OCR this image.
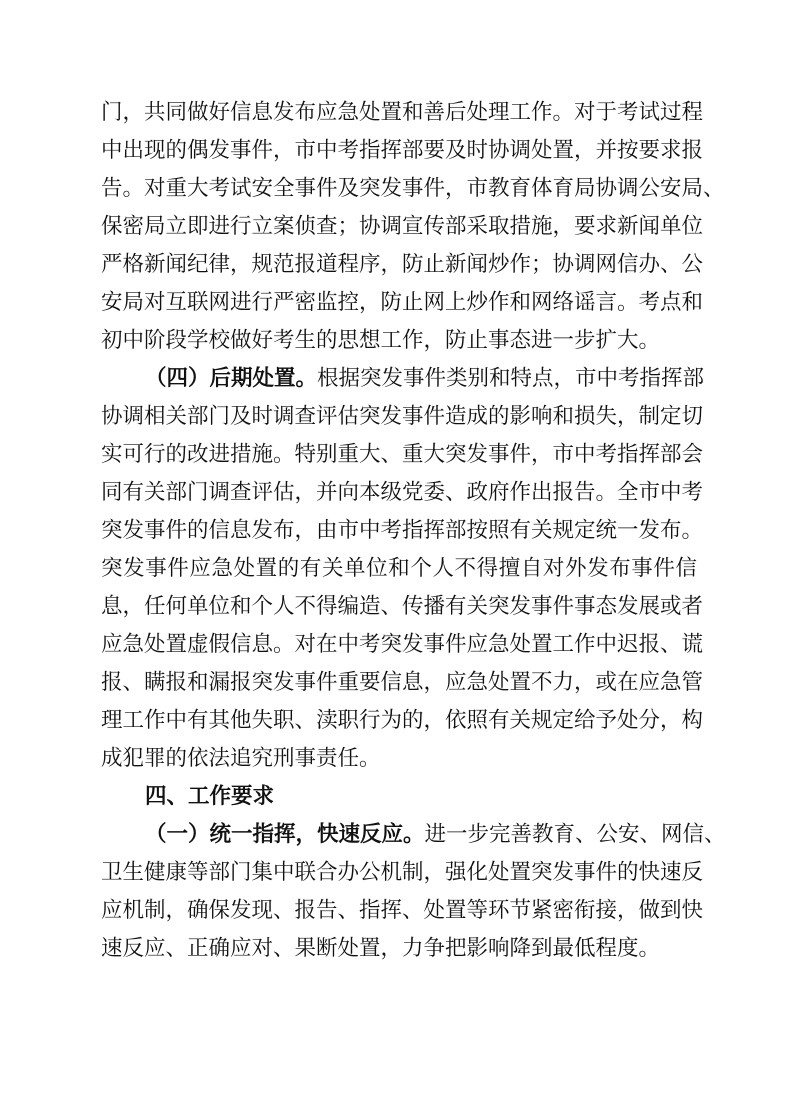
门，共同做好信息发布应急处置和善后处理工作。对于考试过程
中出现的偶发事件，市中考指挥部要及时协调处置，并按要求报
告。对重大考试安全事件及突发事件，市教育体育局协调公安局、
保密局立即进行立案侦查；协调宣传部采取措施，要求新闻单位
严格新闻纪律，规范报道程序，防止新闻炒作；协调网信办、公
安局对互联网进行严密监控，防止网上炒作和网络谣言。考点和
初中阶段学校做好考生的思想工作，防止事态进一步扩大。
（四）后期处置。根据突发事件类别和特点，市中考指挥部
协调相关部门及时调查评估突发事件造成的影响和损失，制定切
实可行的改进措施。特别重大、重大突发事件，市中考指挥部会
同有关部门调查评估，并向本级党委、政府作出报告。全市中考
突发事件的信息发布，由市中考指挥部按照有关规定统一发布。
突发事件应急处置的有关单位和个人不得擅自对外发布事件信
息，任何单位和个人不得编造、传播有关突发事件事态发展或者
应急处置虚假信息。对在中考突发事件应急处置工作中迟报、谎
报、瞒报和漏报突发事件重要信息，应急处置不力，或在应急管
理工作中有其他失职、渎职行为的，依照有关规定给予处分，构
成犯罪的依法追究刑事责任。
四、工作要求
（一）统一指挥，快速反应。进一步完善教育、公安、网信、
卫生健康等部门集中联合办公机制，强化处置突发事件的快速反
应机制，确保发现、报告、指挥、处置等环节紧密衔接，做到快
速反应、正确应对、果断处置，力争把影响降到最低程度。
